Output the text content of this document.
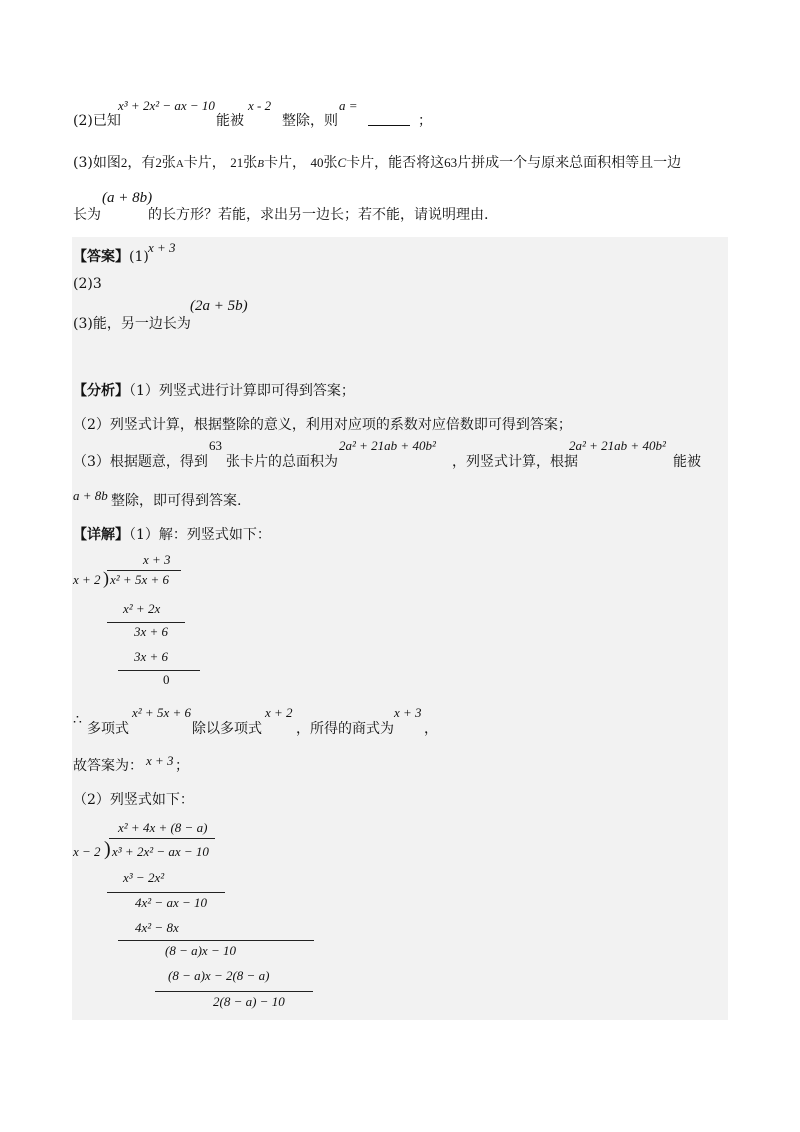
(2)已知
x³ + 2x² − ax − 10
能被
x - 2
整除，则
a =
；
(3)如图2，有2张A卡片， 21张B卡片， 40张C卡片，能否将这63片拼成一个与原来总面积相等且一边
长为
(a + 8b)
的长方形？若能，求出另一边长；若不能，请说明理由.
【答案】(1)
x + 3
(2)3
(3)能，另一边长为
(2a + 5b)
【分析】（1）列竖式进行计算即可得到答案；
（2）列竖式计算，根据整除的意义，利用对应项的系数对应倍数即可得到答案；
（3）根据题意，得到
63
张卡片的总面积为
2a² + 21ab + 40b²
，列竖式计算，根据
2a² + 21ab + 40b²
能被
a + 8b 整除，即可得到答案.
【详解】（1）解：列竖式如下：
x + 3
x + 2 ) x² + 5x + 6
x² + 2x
3x + 6
3x + 6
0
∴
多项式
x² + 5x + 6
除以多项式
x + 2
，所得的商式为
x + 3
，
故答案为： x + 3 ；
（2）列竖式如下：
x² + 4x + (8 − a)
x − 2 ) x³ + 2x² − ax − 10
x³ − 2x²
4x² − ax − 10
4x² − 8x
(8 − a)x − 10
(8 − a)x − 2(8 − a)
2(8 − a) − 10
